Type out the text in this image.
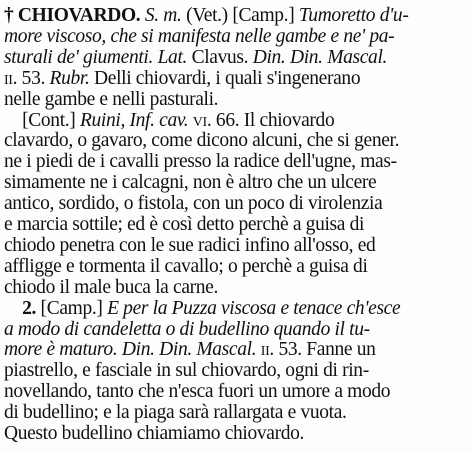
† CHIOVARDO. S. m. (Vet.) [Camp.] Tumoretto d'u-
more viscoso, che si manifesta nelle gambe e ne' pa-
sturali de' giumenti. Lat. Clavus. Din. Din. Mascal.
ii. 53. Rubr. Delli chiovardi, i quali s'ingenerano
nelle gambe e nelli pasturali.
[Cont.] Ruini, Inf. cav. vi. 66. Il chiovardo
clavardo, o gavaro, come dicono alcuni, che si gener.
ne i piedi de i cavalli presso la radice dell'ugne, mas-
simamente ne i calcagni, non è altro che un ulcere
antico, sordido, o fistola, con un poco di virolenzia
e marcia sottile; ed è così detto perchè a guisa di
chiodo penetra con le sue radici infino all'osso, ed
affligge e tormenta il cavallo; o perchè a guisa di
chiodo il male buca la carne.
2. [Camp.] E per la Puzza viscosa e tenace ch'esce
a modo di candeletta o di budellino quando il tu-
more è maturo. Din. Din. Mascal. ii. 53. Fanne un
piastrello, e fasciale in sul chiovardo, ogni di rin-
novellando, tanto che n'esca fuori un umore a modo
di budellino; e la piaga sarà rallargata e vuota.
Questo budellino chiamiamo chiovardo.
